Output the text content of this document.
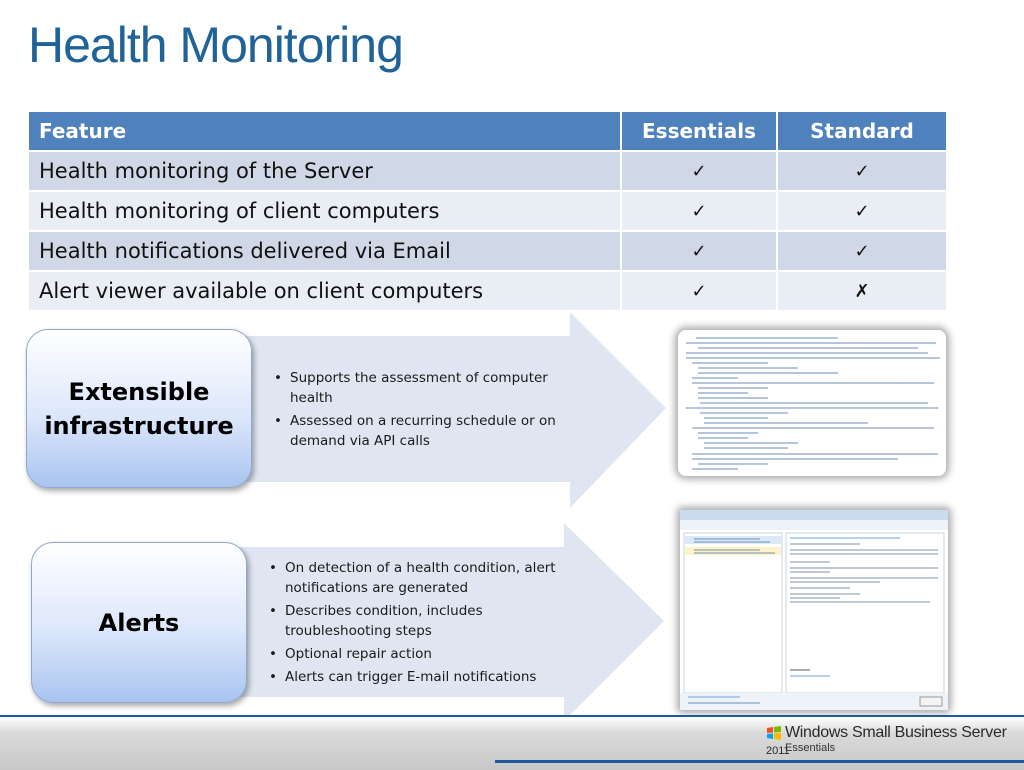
Health Monitoring
Feature	Essentials	Standard
Health monitoring of the Server	✓	✓
Health monitoring of client computers	✓	✓
Health notifications delivered via Email	✓	✓
Alert viewer available on client computers	✓	✗
Extensible
infrastructure
• Supports the assessment of computer health
• Assessed on a recurring schedule or on demand via API calls
Alerts
• On detection of a health condition, alert notifications are generated
• Describes condition, includes troubleshooting steps
• Optional repair action
• Alerts can trigger E-mail notifications
Windows Small Business Server 2011
Essentials
